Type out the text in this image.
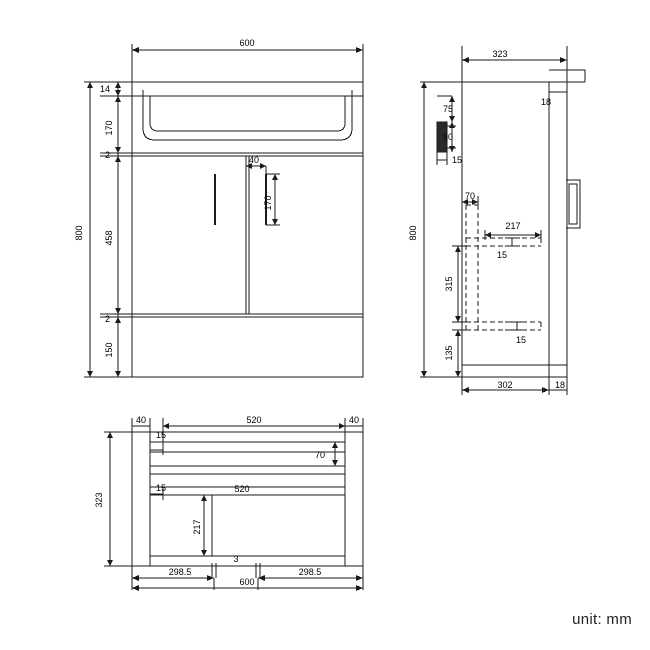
600
800
14
170
2
458
2
150
40
170
323
800
75
90
15
18
70
217
15
315
15
135
302	18
40
15
520	40
70
323
15	520
217
298.5
3
298.5
600
unit: mm
